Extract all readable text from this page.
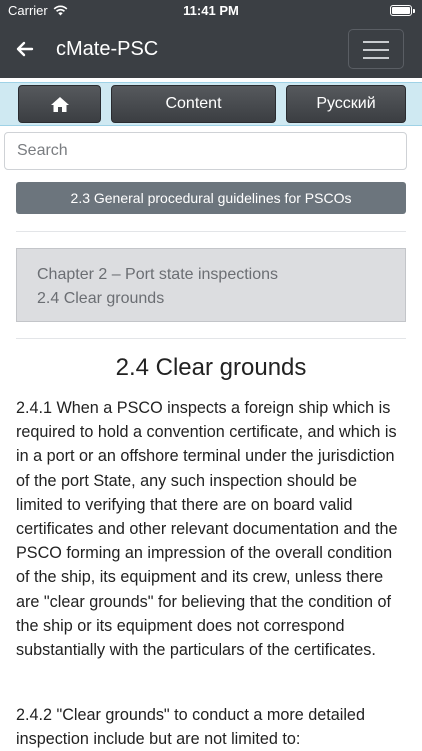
Carrier	11:41 PM
cMate-PSC
Content	Русский
Search
2.3 General procedural guidelines for PSCOs
Chapter 2 – Port state inspections
2.4 Clear grounds
2.4 Clear grounds

2.4.1 When a PSCO inspects a foreign ship which is required to hold a convention certificate, and which is in a port or an offshore terminal under the jurisdiction of the port State, any such inspection should be limited to verifying that there are on board valid certificates and other relevant documentation and the PSCO forming an impression of the overall condition of the ship, its equipment and its crew, unless there are "clear grounds" for believing that the condition of the ship or its equipment does not correspond substantially with the particulars of the certificates.

2.4.2 "Clear grounds" to conduct a more detailed inspection include but are not limited to:
